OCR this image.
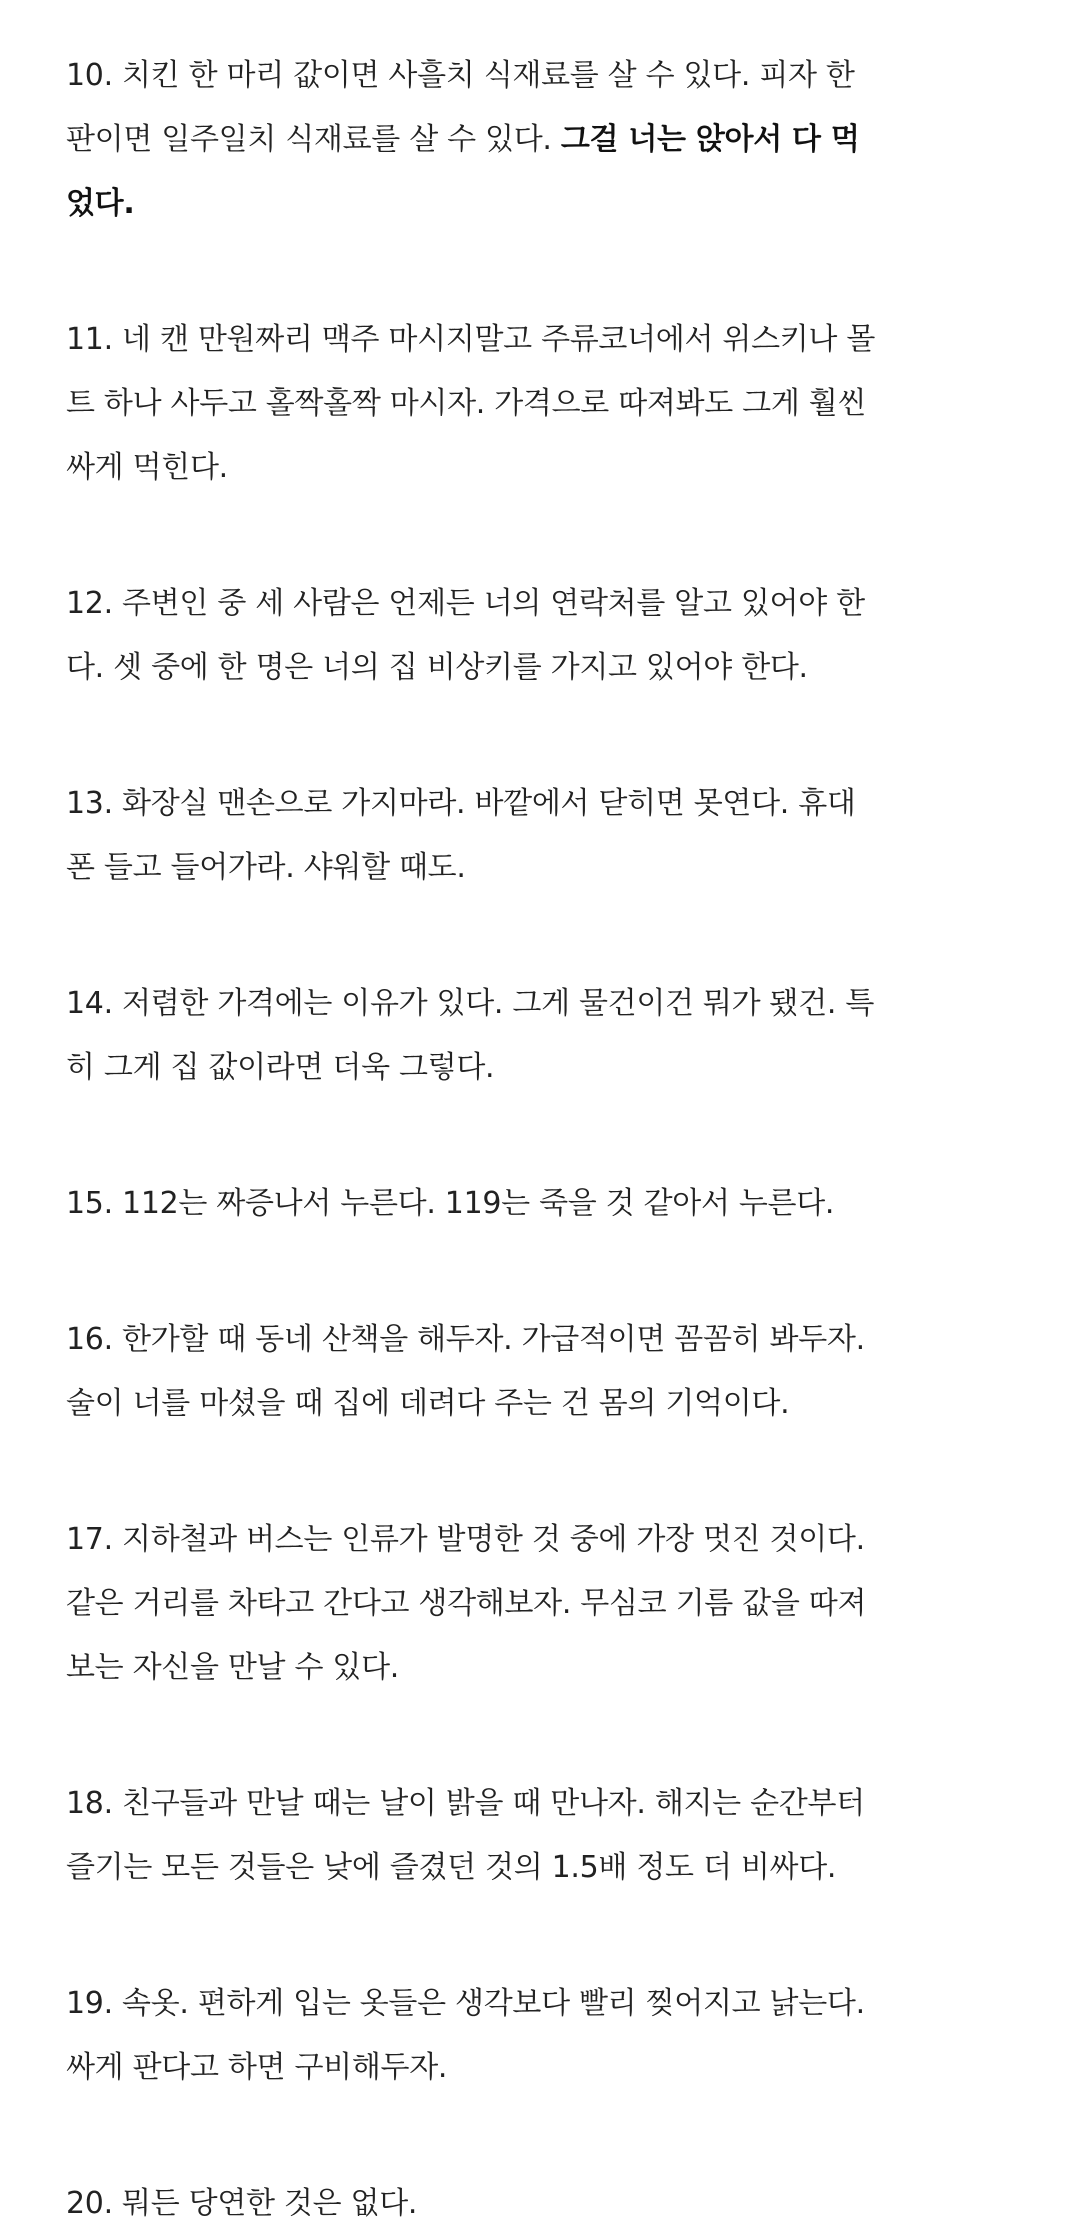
10. 치킨 한 마리 값이면 사흘치 식재료를 살 수 있다. 피자 한
판이면 일주일치 식재료를 살 수 있다. 그걸 너는 앉아서 다 먹
었다.
11. 네 캔 만원짜리 맥주 마시지말고 주류코너에서 위스키나 몰
트 하나 사두고 홀짝홀짝 마시자. 가격으로 따져봐도 그게 훨씬
싸게 먹힌다.
12. 주변인 중 세 사람은 언제든 너의 연락처를 알고 있어야 한
다. 셋 중에 한 명은 너의 집 비상키를 가지고 있어야 한다.
13. 화장실 맨손으로 가지마라. 바깥에서 닫히면 못연다. 휴대
폰 들고 들어가라. 샤워할 때도.
14. 저렴한 가격에는 이유가 있다. 그게 물건이건 뭐가 됐건. 특
히 그게 집 값이라면 더욱 그렇다.
15. 112는 짜증나서 누른다. 119는 죽을 것 같아서 누른다.
16. 한가할 때 동네 산책을 해두자. 가급적이면 꼼꼼히 봐두자.
술이 너를 마셨을 때 집에 데려다 주는 건 몸의 기억이다.
17. 지하철과 버스는 인류가 발명한 것 중에 가장 멋진 것이다.
같은 거리를 차타고 간다고 생각해보자. 무심코 기름 값을 따져
보는 자신을 만날 수 있다.
18. 친구들과 만날 때는 날이 밝을 때 만나자. 해지는 순간부터
즐기는 모든 것들은 낮에 즐겼던 것의 1.5배 정도 더 비싸다.
19. 속옷. 편하게 입는 옷들은 생각보다 빨리 찢어지고 낡는다.
싸게 판다고 하면 구비해두자.
20. 뭐든 당연한 것은 없다.
